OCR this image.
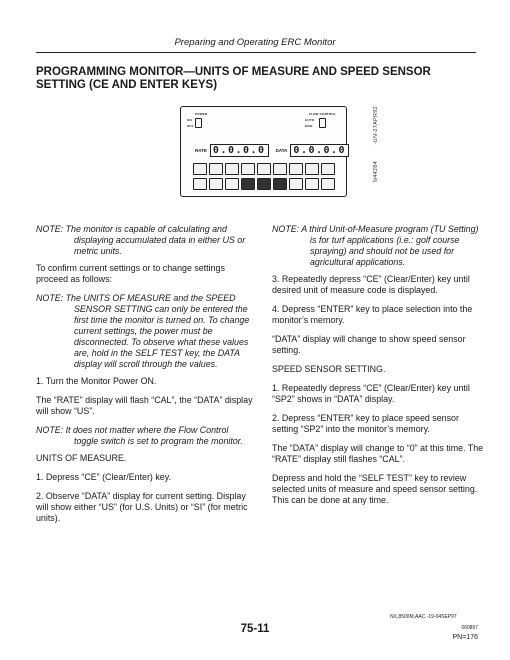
Preparing and Operating ERC Monitor
PROGRAMMING MONITOR—UNITS OF MEASURE AND SPEED SENSOR SETTING (CE AND ENTER KEYS)
POWER
ON
OFF
FLOW CONTROL
AUTO
MAN
RATE 0.0.0.0	DATA 0.0.0.0
-UN-27APR92
N44284
NOTE: The monitor is capable of calculating and
displaying accumulated data in either US or metric units.

To confirm current settings or to change settings proceed as follows:

NOTE: The UNITS OF MEASURE and the SPEED
SENSOR SETTING can only be entered the first time the monitor is turned on. To change current settings, the power must be disconnected. To observe what these values are, hold in the SELF TEST key, the DATA display will scroll through the values.

1. Turn the Monitor Power ON.

The “RATE” display will flash “CAL”, the “DATA” display will show “US”.

NOTE: It does not matter where the Flow Control
toggle switch is set to program the monitor.

UNITS OF MEASURE.

1. Depress “CE” (Clear/Enter) key.

2. Observe “DATA” display for current setting. Display will show either “US” (for U.S. Units) or “SI” (for metric units).

NOTE: A third Unit-of-Measure program (TU Setting)
is for turf applications (i.e.: golf course spraying) and should not be used for agricultural applications.

3. Repeatedly depress “CE” (Clear/Enter) key until desired unit of measure code is displayed.

4. Depress “ENTER” key to place selection into the monitor’s memory.

“DATA” display will change to show speed sensor setting.

SPEED SENSOR SETTING.

1. Repeatedly depress “CE” (Clear/Enter) key until “SP2” shows in “DATA” display.

2. Depress “ENTER” key to place speed sensor setting “SP2” into the monitor’s memory.

The “DATA” display will change to “0” at this time. The “RATE” display still flashes “CAL”.

Depress and hold the “SELF TEST” key to review selected units of measure and speed sensor setting. This can be done at any time.

NX,8500M,AAC -19-04SEP97
75-11	060897
PN=176
